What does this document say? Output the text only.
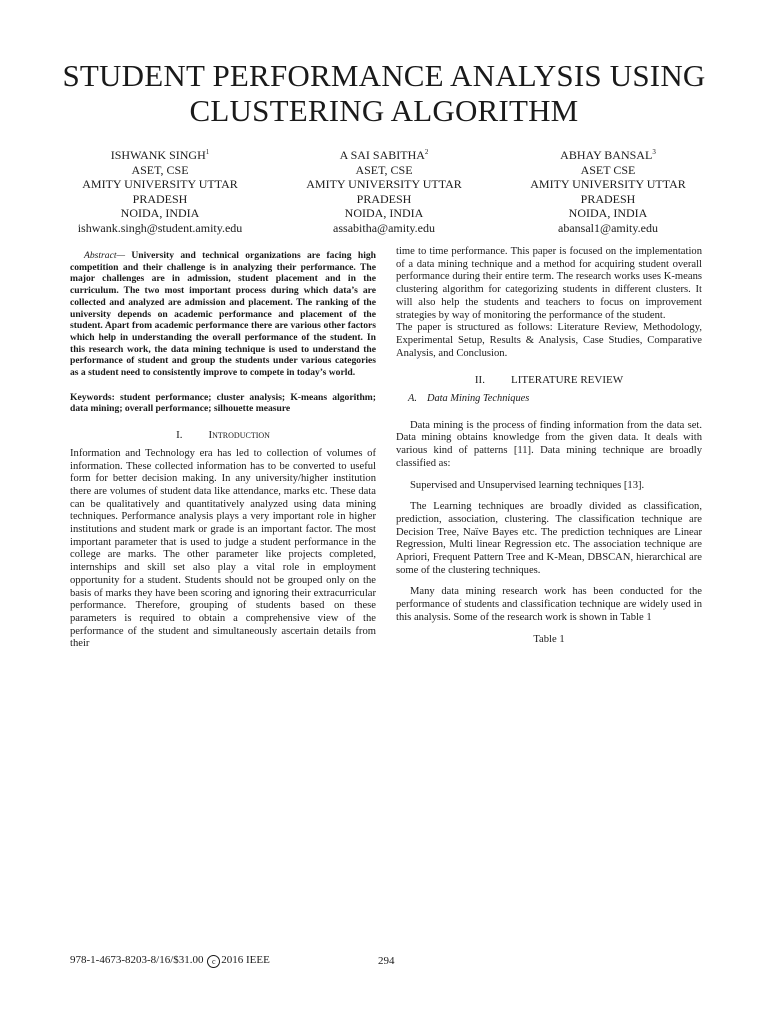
STUDENT PERFORMANCE ANALYSIS USING CLUSTERING ALGORITHM
ISHWANK SINGH$^1$
ASET, CSE
AMITY UNIVERSITY UTTAR
PRADESH
NOIDA, INDIA
ishwank.singh@student.amity.edu
A SAI SABITHA$^2$
ASET, CSE
AMITY UNIVERSITY UTTAR
PRADESH
NOIDA, INDIA
assabitha@amity.edu
ABHAY BANSAL$^3$
ASET CSE
AMITY UNIVERSITY UTTAR
PRADESH
NOIDA, INDIA
abansal1@amity.edu

Abstract— University and technical organizations are facing high competition and their challenge is in analyzing their performance. The major challenges are in admission, student placement and in the curriculum. The two most important process during which data’s are collected and analyzed are admission and placement. The ranking of the university depends on academic performance and placement of the student. Apart from academic performance there are various other factors which help in understanding the overall performance of the student. In this research work, the data mining technique is used to understand the performance of student and group the students under various categories as a student need to consistently improve to compete in today’s world.

Keywords: student performance; cluster analysis; K-means algorithm; data mining; overall performance; silhouette measure

I. Introduction

Information and Technology era has led to collection of volumes of information. These collected information has to be converted to useful form for better decision making. In any university/higher institution there are volumes of student data like attendance, marks etc. These data can be qualitatively and quantitatively analyzed using data mining techniques. Performance analysis plays a very important role in higher institutions and student mark or grade is an important factor. The most important parameter that is used to judge a student performance in the college are marks. The other parameter like projects completed, internships and skill set also play a vital role in employment opportunity for a student. Students should not be grouped only on the basis of marks they have been scoring and ignoring their extracurricular performance. Therefore, grouping of students based on these parameters is required to obtain a comprehensive view of the performance of the student and simultaneously ascertain details from their

time to time performance. This paper is focused on the implementation of a data mining technique and a method for acquiring student overall performance during their entire term. The research works uses K-means clustering algorithm for categorizing students in different clusters. It will also help the students and teachers to focus on improvement strategies by way of monitoring the performance of the student.

The paper is structured as follows: Literature Review, Methodology, Experimental Setup, Results & Analysis, Case Studies, Comparative Analysis, and Conclusion.

II. LITERATURE REVIEW
A. Data Mining Techniques

Data mining is the process of finding information from the data set. Data mining obtains knowledge from the given data. It deals with various kind of patterns [11]. Data mining technique are broadly classified as:

Supervised and Unsupervised learning techniques [13].

The Learning techniques are broadly divided as classification, prediction, association, clustering. The classification technique are Decision Tree, Naïve Bayes etc. The prediction techniques are Linear Regression, Multi linear Regression etc. The association technique are Apriori, Frequent Pattern Tree and K-Mean, DBSCAN, hierarchical are some of the clustering techniques.

Many data mining research work has been conducted for the performance of students and classification technique are widely used in this analysis. Some of the research work is shown in Table 1

Table 1
978-1-4673-8203-8/16/$31.00 c 2016 IEEE	294
